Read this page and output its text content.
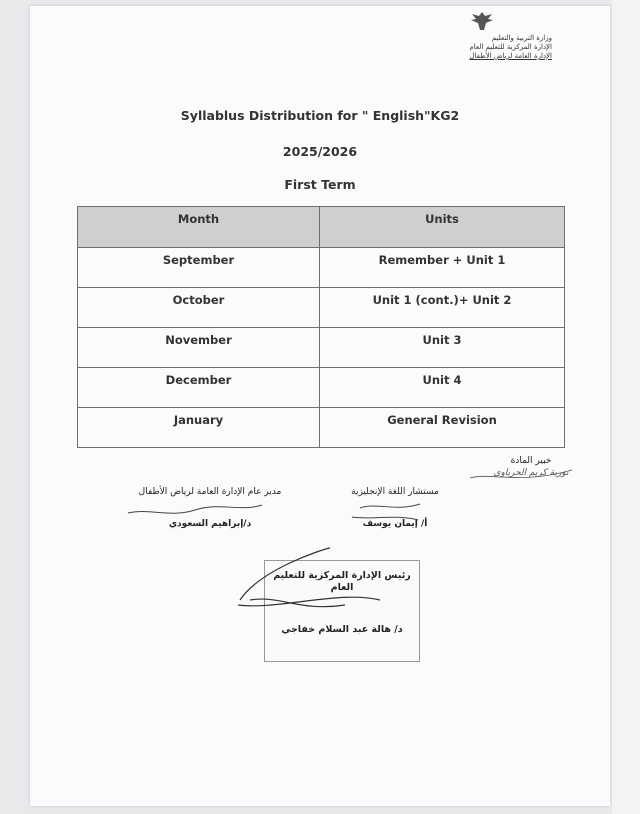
وزارة التربية والتعليم
الإدارة المركزية للتعليم العام
الإدارة العامة لرياض الأطفال
Syllablus Distribution for " English"KG2
2025/2026
First Term
Month	Units
September	Remember + Unit 1
October	Unit 1 (cont.)+ Unit 2
November	Unit 3
December	Unit 4
January	General Revision
خبير المادة
نورية كريم الحرباوي
مستشار اللغة الإنجليزية
أ/ إيمان يوسف
مدير عام الإدارة العامة لرياض الأطفال
د/إبراهيم السعودي
رئيس الإدارة المركزية للتعليم العام
د/ هالة عبد السلام خفاجي
